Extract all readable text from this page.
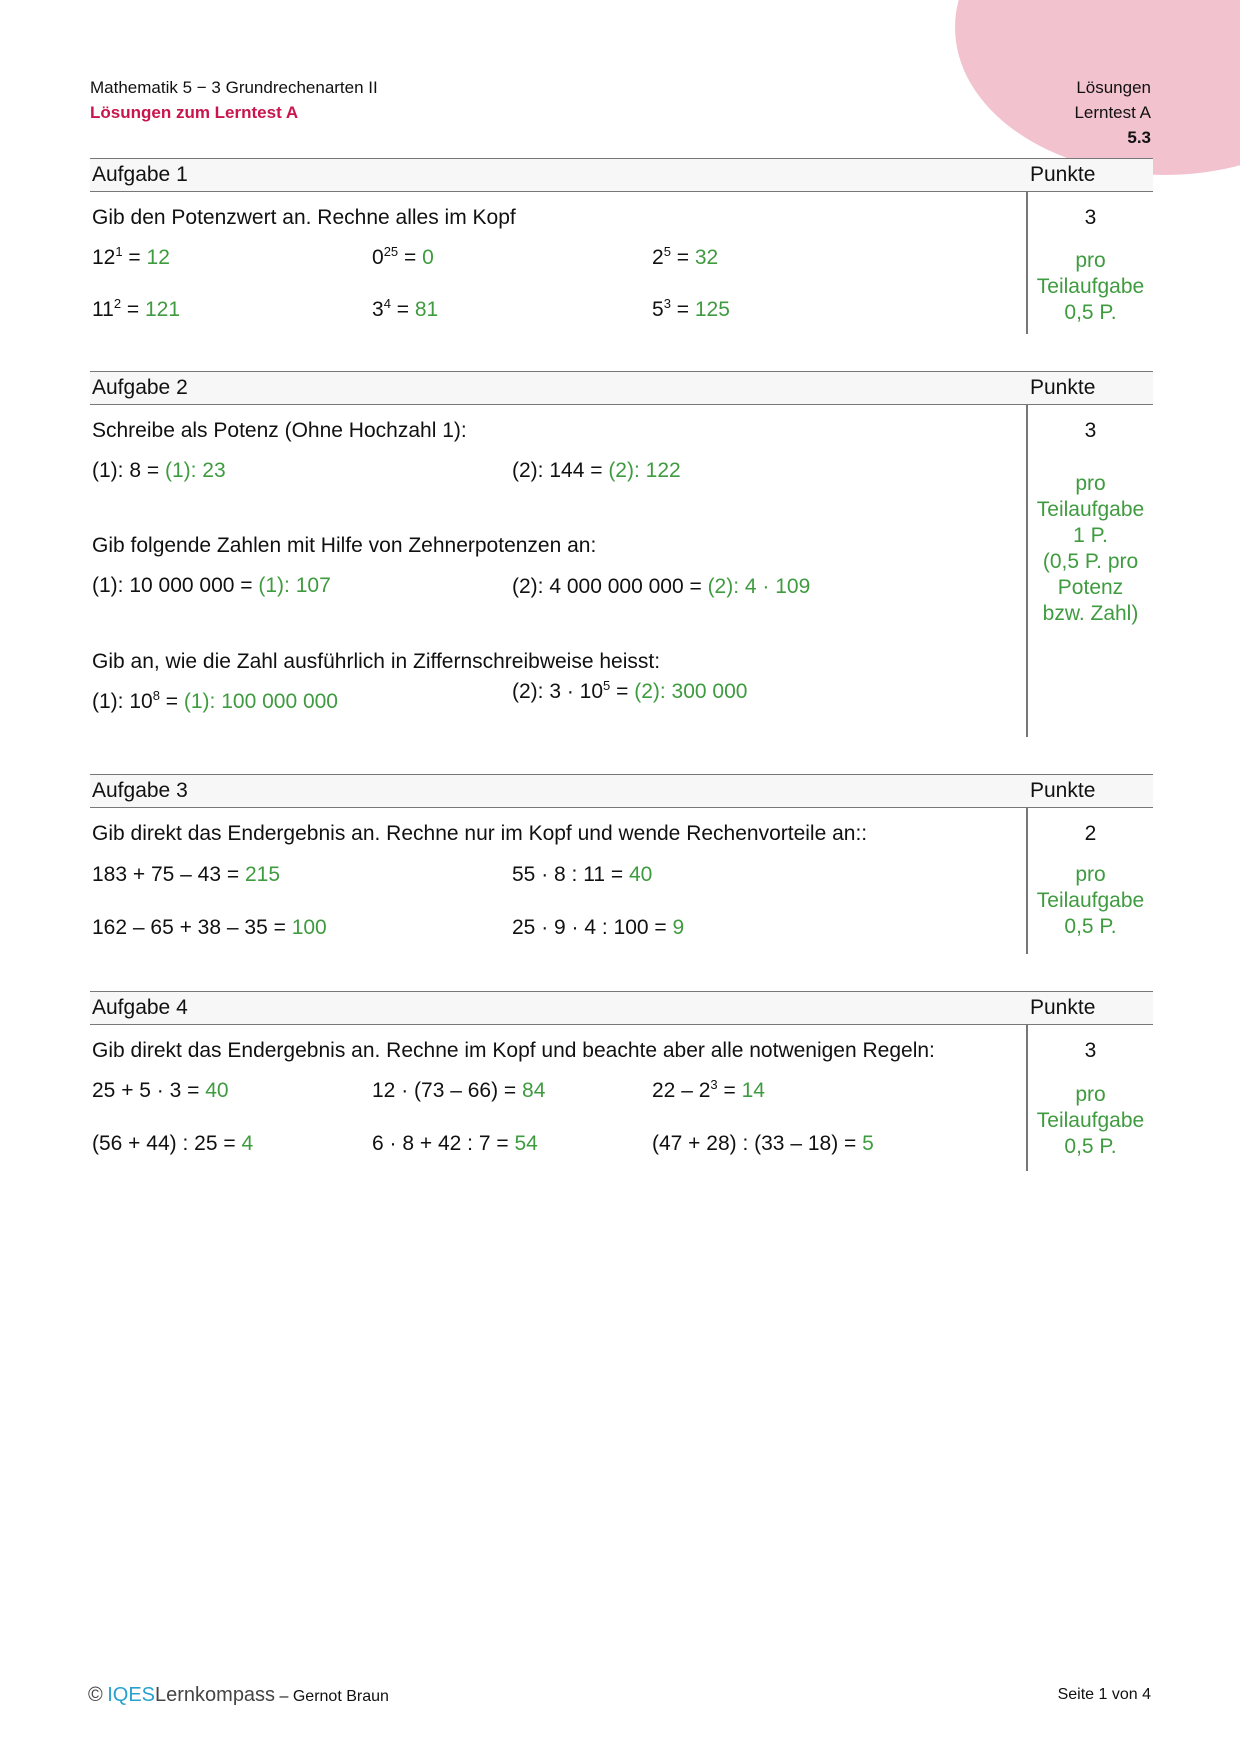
Mathematik 5 − 3 Grundrechenarten II
Lösungen zum Lerntest A
Lösungen
Lerntest A
5.3
Aufgabe 1	Punkte
Gib den Potenzwert an. Rechne alles im Kopf
$12^1 = 12$	$0^{25} = 0$	$2^5 = 32$
$11^2 = 121$	$3^4 = 81$	$5^3 = 125$
3
pro
Teilaufgabe
0,5 P.
Aufgabe 2	Punkte
Schreibe als Potenz (Ohne Hochzahl 1):
(1): 8 = (1): 23	(2): 144 = (2): 122
Gib folgende Zahlen mit Hilfe von Zehnerpotenzen an:
(1): 10 000 000 = (1): 107	(2): 4 000 000 000 = (2): 4 · 109
Gib an, wie die Zahl ausführlich in Ziffernschreibweise heisst:
(1): $10^8 = (1)$: 100 000 000	(2): $3 \cdot 10^5 = (2)$: 300 000
3
pro
Teilaufgabe
1 P.
(0,5 P. pro
Potenz
bzw. Zahl)
Aufgabe 3	Punkte
Gib direkt das Endergebnis an. Rechne nur im Kopf und wende Rechenvorteile an::
183 + 75 – 43 = 215	55 · 8 : 11 = 40
162 – 65 + 38 – 35 = 100	25 · 9 · 4 : 100 = 9
2
pro
Teilaufgabe
0,5 P.
Aufgabe 4	Punkte
Gib direkt das Endergebnis an. Rechne im Kopf und beachte aber alle notwenigen Regeln:
25 + 5 · 3 = 40	12 · (73 – 66) = 84	$22 - 2^3 = 14$
(56 + 44) : 25 = 4	6 · 8 + 42 : 7 = 54	(47 + 28) : (33 – 18) = 5
3
pro
Teilaufgabe
0,5 P.
© IQESLernkompass – Gernot Braun	Seite 1 von 4
